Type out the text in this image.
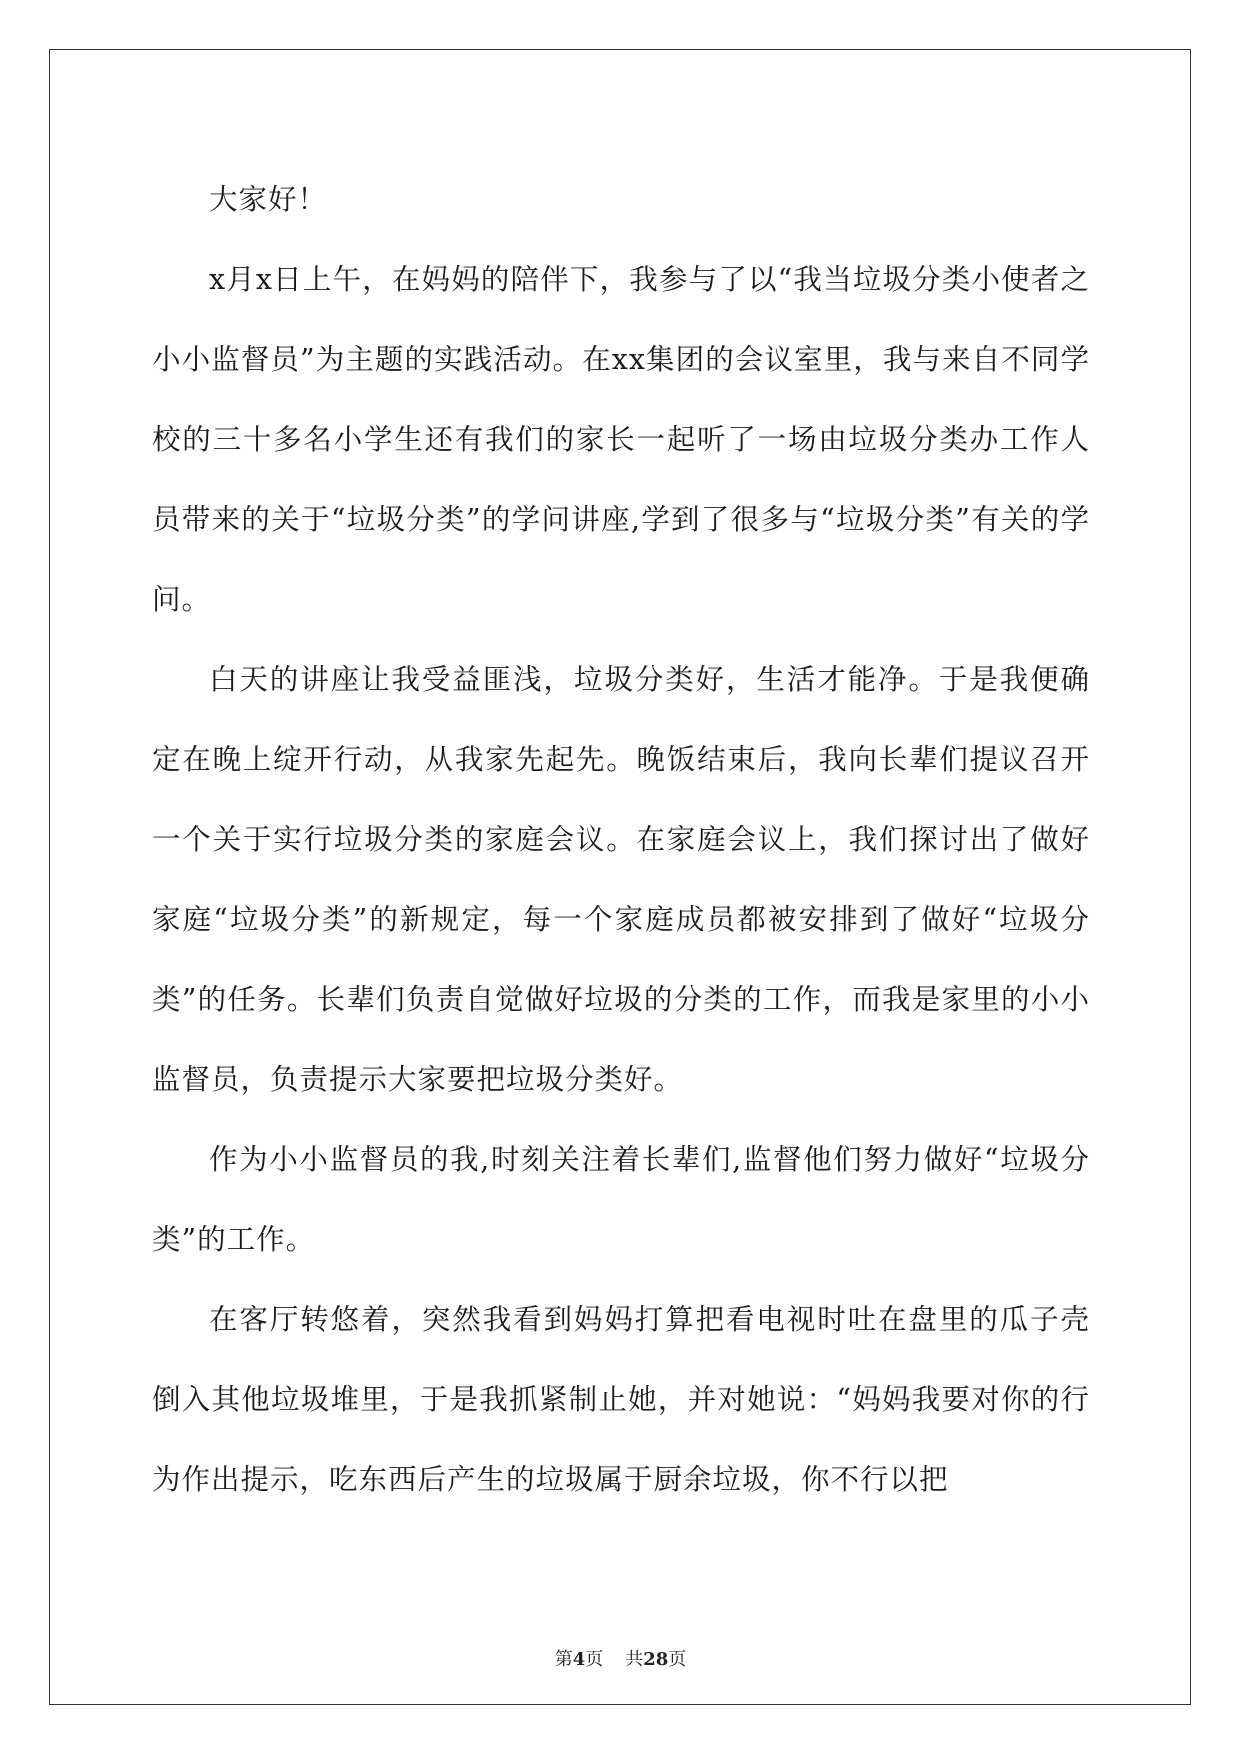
大家好！

x月x日上午，在妈妈的陪伴下，我参与了以“我当垃圾分类小使者之小小监督员”为主题的实践活动。在xx集团的会议室里，我与来自不同学校的三十多名小学生还有我们的家长一起听了一场由垃圾分类办工作人员带来的关于“垃圾分类”的学问讲座,学到了很多与“垃圾分类”有关的学问。

白天的讲座让我受益匪浅，垃圾分类好，生活才能净。于是我便确定在晚上绽开行动，从我家先起先。晚饭结束后，我向长辈们提议召开一个关于实行垃圾分类的家庭会议。在家庭会议上，我们探讨出了做好家庭“垃圾分类”的新规定，每一个家庭成员都被安排到了做好“垃圾分类”的任务。长辈们负责自觉做好垃圾的分类的工作，而我是家里的小小监督员，负责提示大家要把垃圾分类好。

作为小小监督员的我,时刻关注着长辈们,监督他们努力做好“垃圾分类”的工作。

在客厅转悠着，突然我看到妈妈打算把看电视时吐在盘里的瓜子壳倒入其他垃圾堆里，于是我抓紧制止她，并对她说：“妈妈我要对你的行为作出提示，吃东西后产生的垃圾属于厨余垃圾，你不行以把

第4页 共28页
